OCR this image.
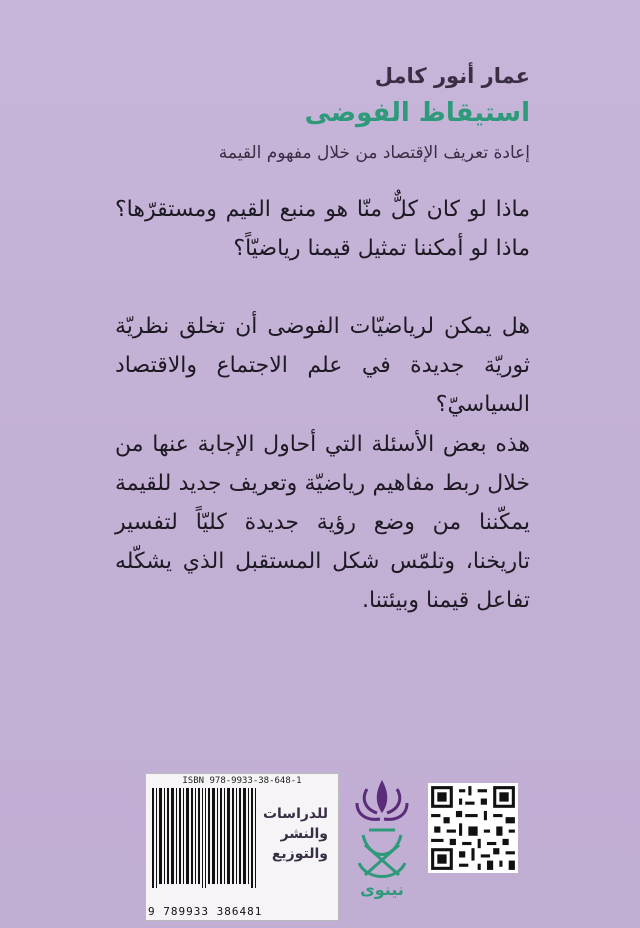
عمار أنور كامل
استيقاظ الفوضى
إعادة تعريف الإقتصاد من خلال مفهوم القيمة

ماذا لو كان كلٌّ منّا هو منبع القيم ومستقرّها؟ ماذا لو أمكننا تمثيل قيمنا رياضيّاً؟

هل يمكن لرياضيّات الفوضى أن تخلق نظريّة ثوريّة جديدة في علم الاجتماع والاقتصاد السياسيّ؟

هذه بعض الأسئلة التي أحاول الإجابة عنها من خلال ربط مفاهيم رياضيّة وتعريف جديد للقيمة يمكّننا من وضع رؤية جديدة كليّاً لتفسير تاريخنا، وتلمّس شكل المستقبل الذي يشكّله تفاعل قيمنا وبيئتنا.

ISBN 978-9933-38-648-1
9 789933 386481
للدراسات
والنشر
والتوزيع
نينوى
